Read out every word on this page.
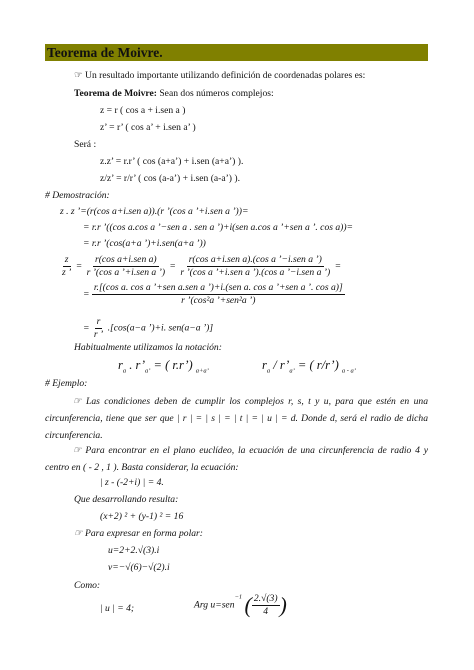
Teorema de Moivre.
☞ Un resultado importante utilizando definición de coordenadas polares es:
Teorema de Moivre: Sean dos números complejos:
z = r ( cos a + i.sen a )
z’ = r’ ( cos a’ + i.sen a’ )
Será :
z.z’ = r.r’ ( cos (a+a’) + i.sen (a+a’) ).
z/z’ = r/r’ ( cos (a-a’) + i.sen (a-a’) ).
# Demostración:
z . z ’=(r(cos a+i.sen a)).(r ’(cos a ’+i.sen a ’))=
= r.r ’((cos a.cos a ’−sen a . sen a ’)+i(sen a.cos a ’+sen a ’. cos a))=
= r.r ’(cos(a+a ’)+i.sen(a+a ’))
$\frac{z}{z ’} = \frac{\text{r(cos a+i.sen a)}}{\text{r ’(cos a ’+i.sen a ’)}} = \frac{\text{r(cos a+i.sen a).(cos a ’−i.sen a ’)}}{\text{r ’(cos a ’+i.sen a ’).(cos a ’−i.sen a ’)}}$ =
=
r.[(cos a. cos a ’+sen a.sen a ’)+i.(sen a. cos a ’+sen a ’. cos a)]
r ’(cos²a ’+sen²a ’)
= $\frac{r}{r ’} .[\cos(a-a$ ’)+i. sen(a−a ’)]
Habitualmente utilizamos la notación:
$r_a$ . $r’_{a’}$ = ( r.r’) $_{a+a’}$	$r_a$ / $r’_{a’}$ = ( r/r’) $_{a - a’}$
# Ejemplo:
☞ Las condiciones deben de cumplir los complejos r, s, t y u, para que estén en una circunferencia, tiene que ser que | r | = | s | = | t | = | u | = d. Donde d, será el radio de dicha circunferencia.
☞ Para encontrar en el plano euclídeo, la ecuación de una circunferencia de radio 4 y centro en ( - 2 , 1 ). Basta considerar, la ecuación:
| z - (-2+i) | = 4.
Que desarrollando resulta:
(x+2) ² + (y-1) ² = 16
☞ Para expresar en forma polar:
u=2+2.√(3).i
v=−√(6)−√(2).i
Como:
| u | = 4;	Arg u=sen$^{-1}$ ( $\frac{2.√(3)}{4}$ )
